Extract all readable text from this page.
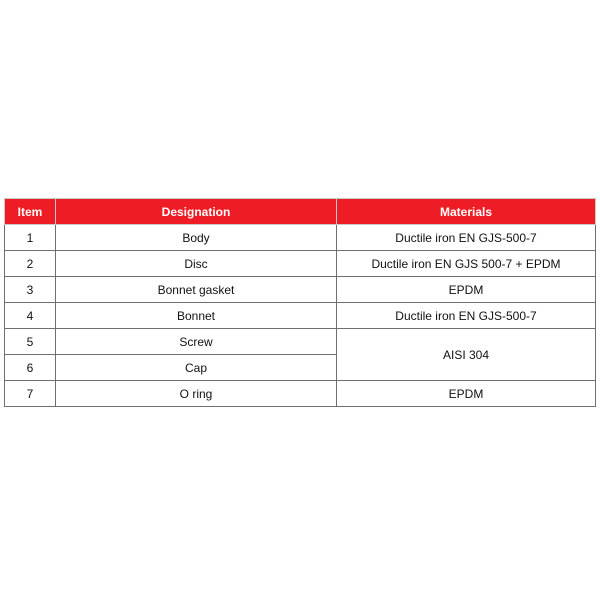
Item	Designation	Materials
1	Body	Ductile iron EN GJS-500-7
2	Disc	Ductile iron EN GJS 500-7 + EPDM
3	Bonnet gasket	EPDM
4	Bonnet	Ductile iron EN GJS-500-7
5	Screw	AISI 304
6	Cap	
7	O ring	EPDM
